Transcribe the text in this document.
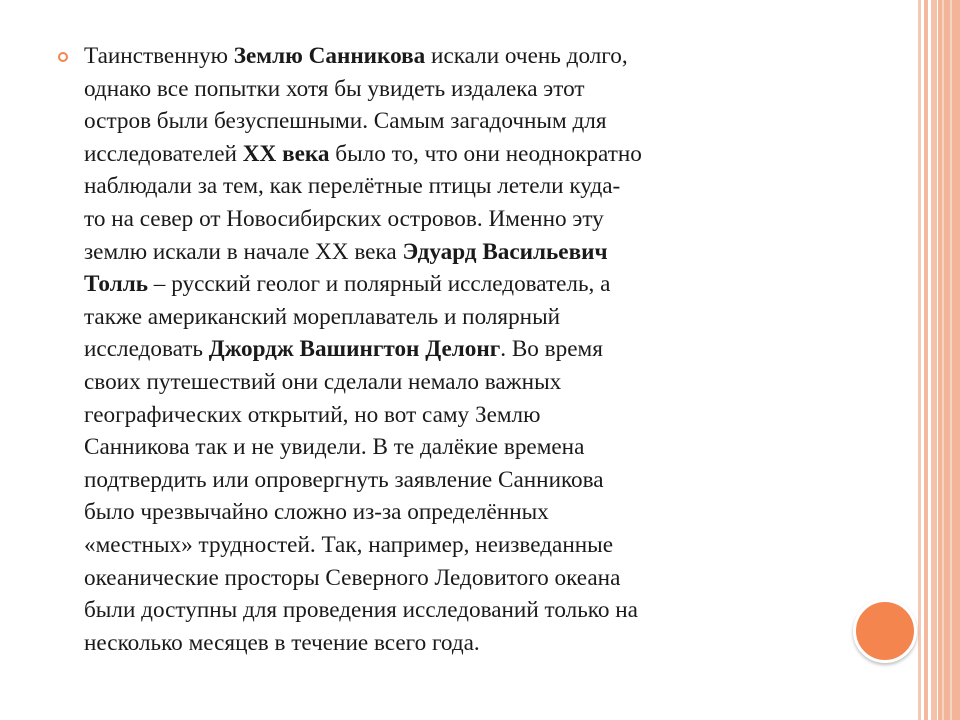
Таинственную Землю Санникова искали очень долго,
однако все попытки хотя бы увидеть издалека этот
остров были безуспешными. Самым загадочным для
исследователей XX века было то, что они неоднократно
наблюдали за тем, как перелётные птицы летели куда-
то на север от Новосибирских островов. Именно эту
землю искали в начале XX века Эдуард Васильевич
Толль – русский геолог и полярный исследователь, а
также американский мореплаватель и полярный
исследовать Джордж Вашингтон Делонг. Во время
своих путешествий они сделали немало важных
географических открытий, но вот саму Землю
Санникова так и не увидели. В те далёкие времена
подтвердить или опровергнуть заявление Санникова
было чрезвычайно сложно из-за определённых
«местных» трудностей. Так, например, неизведанные
океанические просторы Северного Ледовитого океана
были доступны для проведения исследований только на
несколько месяцев в течение всего года.
